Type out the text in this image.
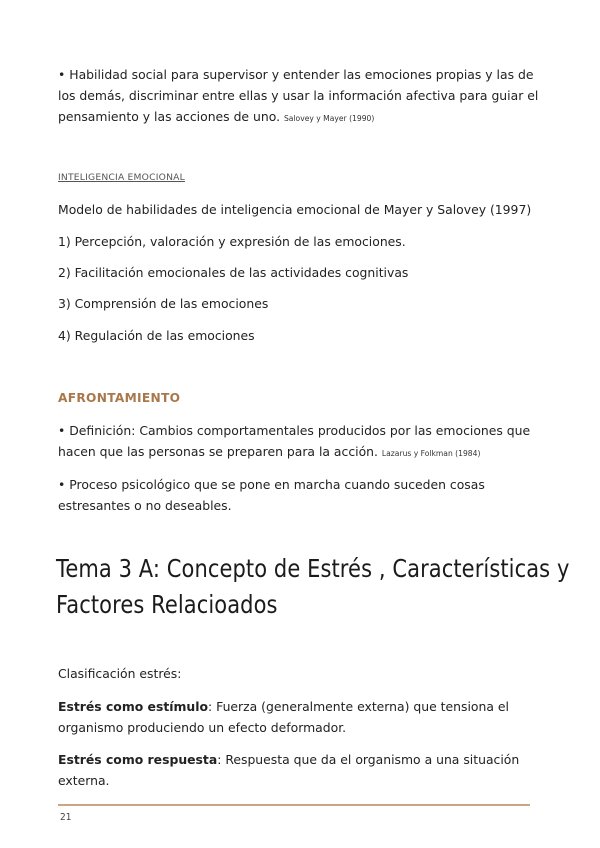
• Habilidad social para supervisor y entender las emociones propias y las de los demás, discriminar entre ellas y usar la información afectiva para guiar el pensamiento y las acciones de uno. Salovey y Mayer (1990)

INTELIGENCIA EMOCIONAL

Modelo de habilidades de inteligencia emocional de Mayer y Salovey (1997)

1) Percepción, valoración y expresión de las emociones.

2) Facilitación emocionales de las actividades cognitivas

3) Comprensión de las emociones

4) Regulación de las emociones

AFRONTAMIENTO

• Definición: Cambios comportamentales producidos por las emociones que hacen que las personas se preparen para la acción. Lazarus y Folkman (1984)

• Proceso psicológico que se pone en marcha cuando suceden cosas estresantes o no deseables.

Tema 3 A: Concepto de Estrés , Características y
Factores Relacioados

Clasificación estrés:

Estrés como estímulo: Fuerza (generalmente externa) que tensiona el organismo produciendo un efecto deformador.

Estrés como respuesta: Respuesta que da el organismo a una situación externa.

21
